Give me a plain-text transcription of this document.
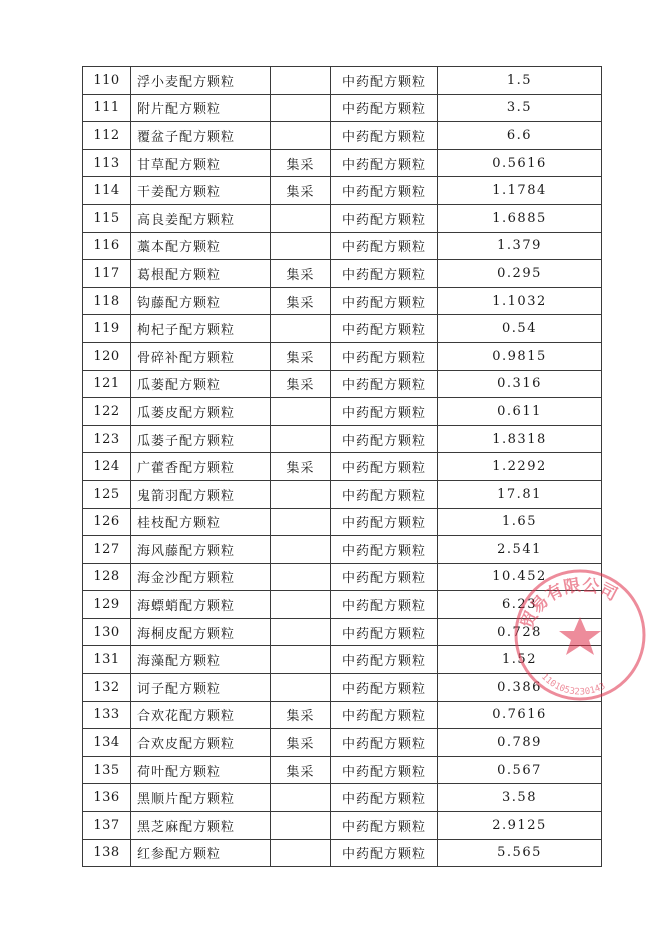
110	浮小麦配方颗粒		中药配方颗粒	1.5
111	附片配方颗粒		中药配方颗粒	3.5
112	覆盆子配方颗粒		中药配方颗粒	6.6
113	甘草配方颗粒	集采	中药配方颗粒	0.5616
114	干姜配方颗粒	集采	中药配方颗粒	1.1784
115	高良姜配方颗粒		中药配方颗粒	1.6885
116	藁本配方颗粒		中药配方颗粒	1.379
117	葛根配方颗粒	集采	中药配方颗粒	0.295
118	钩藤配方颗粒	集采	中药配方颗粒	1.1032
119	枸杞子配方颗粒		中药配方颗粒	0.54
120	骨碎补配方颗粒	集采	中药配方颗粒	0.9815
121	瓜蒌配方颗粒	集采	中药配方颗粒	0.316
122	瓜蒌皮配方颗粒		中药配方颗粒	0.611
123	瓜蒌子配方颗粒		中药配方颗粒	1.8318
124	广藿香配方颗粒	集采	中药配方颗粒	1.2292
125	鬼箭羽配方颗粒		中药配方颗粒	17.81
126	桂枝配方颗粒		中药配方颗粒	1.65
127	海风藤配方颗粒		中药配方颗粒	2.541
128	海金沙配方颗粒		中药配方颗粒	10.452
129	海螵蛸配方颗粒		中药配方颗粒	6.23
130	海桐皮配方颗粒		中药配方颗粒	0.728
131	海藻配方颗粒		中药配方颗粒	1.52
132	诃子配方颗粒		中药配方颗粒	0.386
133	合欢花配方颗粒	集采	中药配方颗粒	0.7616
134	合欢皮配方颗粒	集采	中药配方颗粒	0.789
135	荷叶配方颗粒	集采	中药配方颗粒	0.567
136	黑顺片配方颗粒		中药配方颗粒	3.58
137	黑芝麻配方颗粒		中药配方颗粒	2.9125
138	红参配方颗粒		中药配方颗粒	5.565
贸易有限公司
1101053230143
